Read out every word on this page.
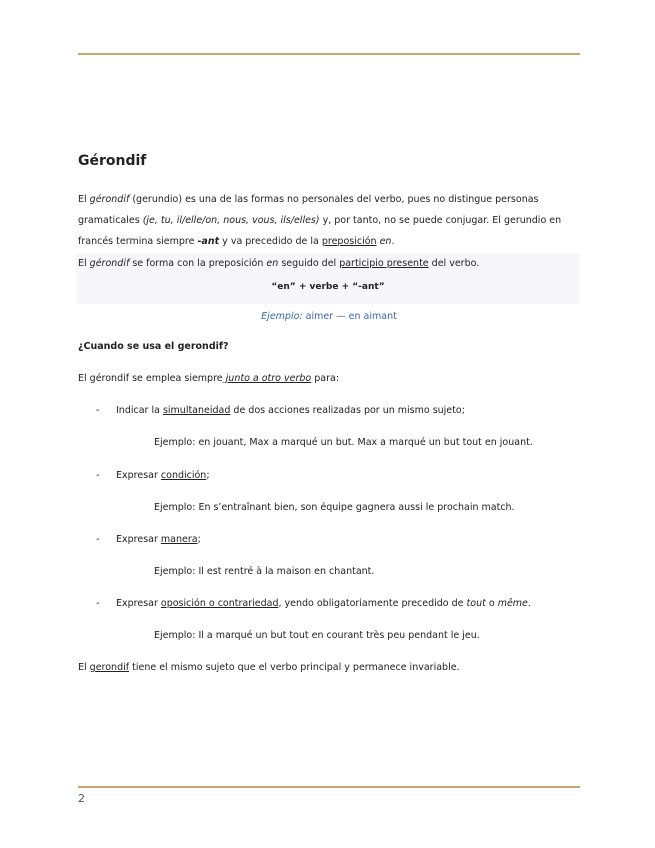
Gérondif
El gérondif (gerundio) es una de las formas no personales del verbo, pues no distingue personas gramaticales (je, tu, il/elle/on, nous, vous, ils/elles) y, por tanto, no se puede conjugar. El gerundio en francés termina siempre -ant y va precedido de la preposición en.
El gérondif se forma con la preposición en seguido del participio presente del verbo.
“en” + verbe + “-ant”
Ejemplo: aimer — en aimant
¿Cuando se usa el gerondif?
El gérondif se emplea siempre junto a otro verbo para:
- Indicar la simultaneidad de dos acciones realizadas por un mismo sujeto;
Ejemplo: en jouant, Max a marqué un but. Max a marqué un but tout en jouant.
- Expresar condición;
Ejemplo: En s’entraînant bien, son équipe gagnera aussi le prochain match.
- Expresar manera;
Ejemplo: Il est rentré à la maison en chantant.
- Expresar oposición o contrariedad, yendo obligatoriamente precedido de tout o même.
Ejemplo: Il a marqué un but tout en courant très peu pendant le jeu.
El gerondif tiene el mismo sujeto que el verbo principal y permanece invariable.
2
